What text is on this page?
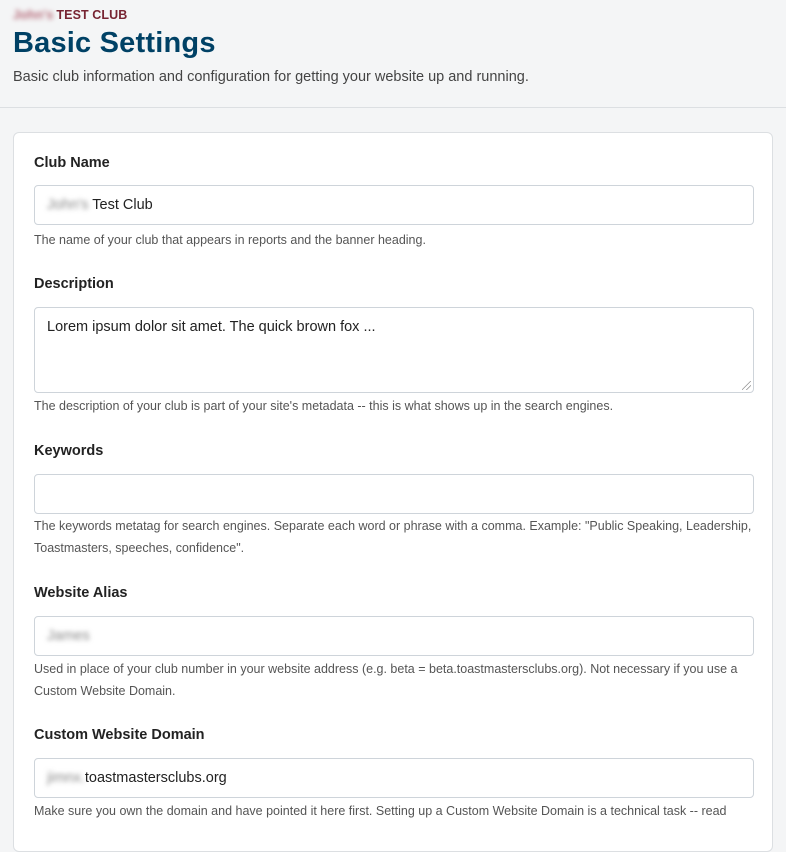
John's TEST CLUB
Basic Settings
Basic club information and configuration for getting your website up and running.
Club Name
John's Test Club
The name of your club that appears in reports and the banner heading.
Description
Lorem ipsum dolor sit amet. The quick brown fox ...
The description of your club is part of your site's metadata -- this is what shows up in the search engines.
Keywords
The keywords metatag for search engines. Separate each word or phrase with a comma. Example: "Public Speaking, Leadership, Toastmasters, speeches, confidence".
Website Alias
James
Used in place of your club number in your website address (e.g. beta = beta.toastmastersclubs.org). Not necessary if you use a Custom Website Domain.
Custom Website Domain
jimnx.toastmastersclubs.org
Make sure you own the domain and have pointed it here first. Setting up a Custom Website Domain is a technical task -- read
